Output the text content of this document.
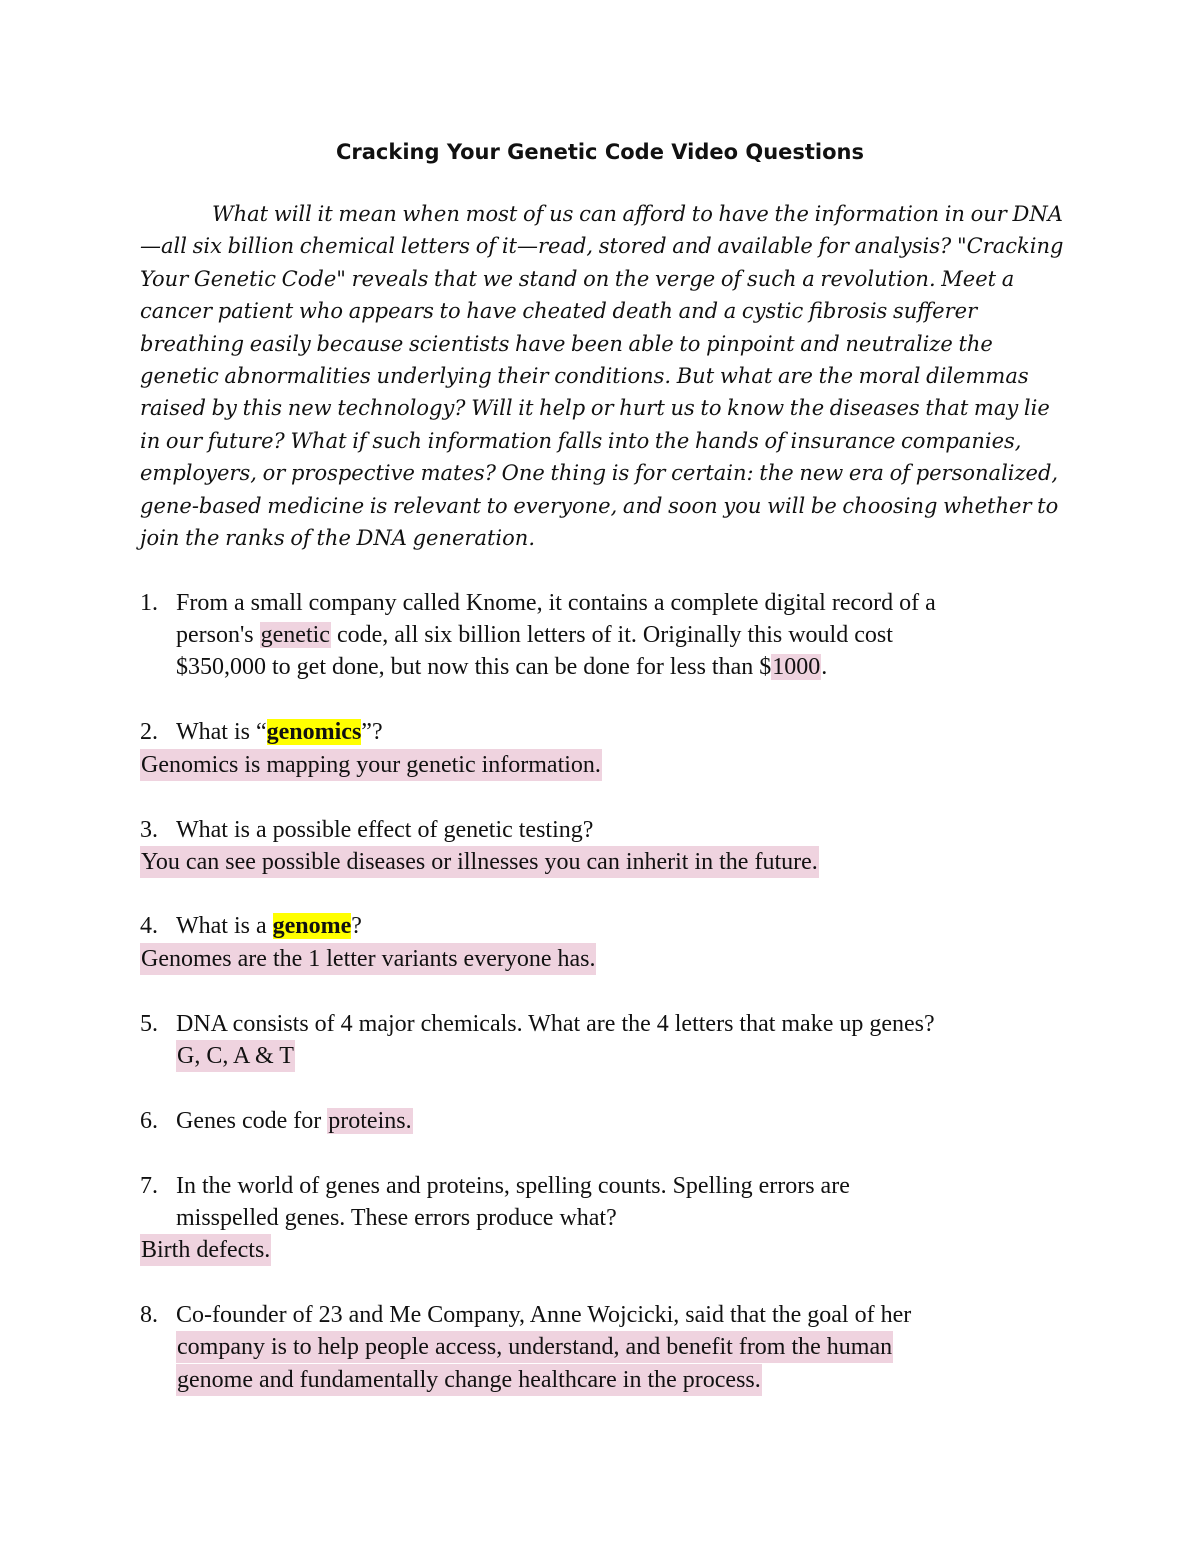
Cracking Your Genetic Code Video Questions
What will it mean when most of us can afford to have the information in our DNA—all six billion chemical letters of it—read, stored and available for analysis? "Cracking Your Genetic Code" reveals that we stand on the verge of such a revolution. Meet a cancer patient who appears to have cheated death and a cystic fibrosis sufferer breathing easily because scientists have been able to pinpoint and neutralize the genetic abnormalities underlying their conditions. But what are the moral dilemmas raised by this new technology? Will it help or hurt us to know the diseases that may lie in our future? What if such information falls into the hands of insurance companies, employers, or prospective mates? One thing is for certain: the new era of personalized, gene-based medicine is relevant to everyone, and soon you will be choosing whether to join the ranks of the DNA generation.
1. From a small company called Knome, it contains a complete digital record of a
person's genetic code, all six billion letters of it. Originally this would cost
$350,000 to get done, but now this can be done for less than $1000.
2. What is “genomics”?
Genomics is mapping your genetic information.
3. What is a possible effect of genetic testing?
You can see possible diseases or illnesses you can inherit in the future.
4. What is a genome?
Genomes are the 1 letter variants everyone has.
5. DNA consists of 4 major chemicals. What are the 4 letters that make up genes?
G, C, A & T
6. Genes code for proteins.
7. In the world of genes and proteins, spelling counts. Spelling errors are
misspelled genes. These errors produce what?
Birth defects.
8. Co-founder of 23 and Me Company, Anne Wojcicki, said that the goal of her
company is to help people access, understand, and benefit from the human
genome and fundamentally change healthcare in the process.
